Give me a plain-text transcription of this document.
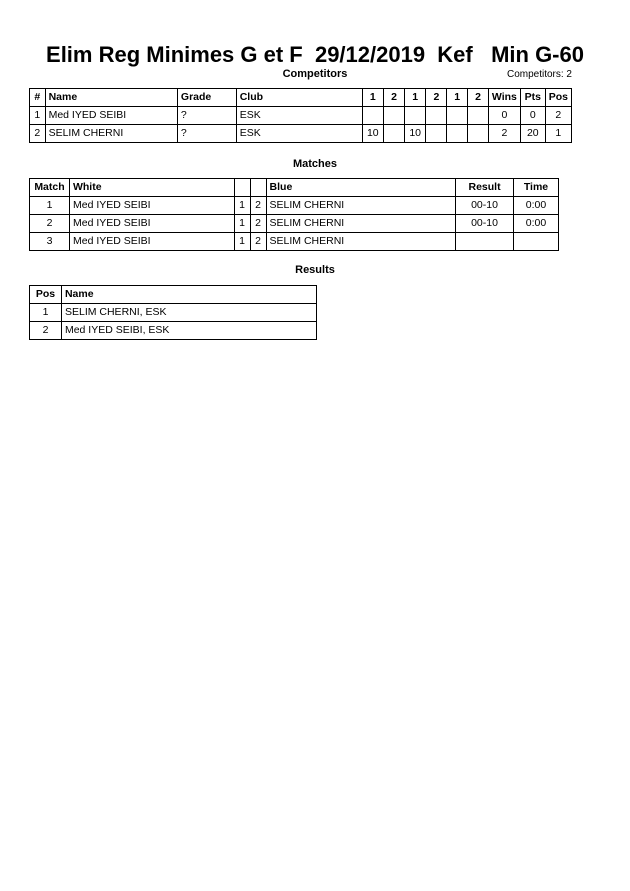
Elim Reg Minimes G et F  29/12/2019  Kef   Min G-60
Competitors	Competitors: 2
#	Name	Grade	Club	1	2	1	2	1	2	Wins	Pts	Pos
1	Med IYED SEIBI	?	ESK							0	0	2
2	SELIM CHERNI	?	ESK	10		10				2	20	1
Matches
Match	White			Blue	Result	Time
1	Med IYED SEIBI	1	2	SELIM CHERNI	00-10	0:00
2	Med IYED SEIBI	1	2	SELIM CHERNI	00-10	0:00
3	Med IYED SEIBI	1	2	SELIM CHERNI		
Results
Pos	Name
1	SELIM CHERNI, ESK
2	Med IYED SEIBI, ESK
